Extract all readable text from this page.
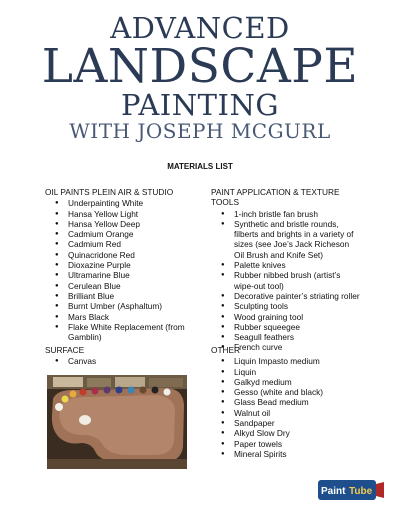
ADVANCED
LANDSCAPE
PAINTING
WITH JOSEPH MCGURL
MATERIALS LIST
OIL PAINTS PLEIN AIR & STUDIO
● Underpainting White
● Hansa Yellow Light
● Hansa Yellow Deep
● Cadmium Orange
● Cadmium Red
● Quinacridone Red
● Dioxazine Purple
● Ultramarine Blue
● Cerulean Blue
● Brilliant Blue
● Burnt Umber (Asphaltum)
● Mars Black
● Flake White Replacement (from Gamblin)
PAINT APPLICATION & TEXTURE TOOLS
● 1-inch bristle fan brush
● Synthetic and bristle rounds, filberts and brights in a variety of sizes (see Joe’s Jack Richeson Oil Brush and Knife Set)
● Palette knives
● Rubber nibbed brush (artist’s wipe-out tool)
● Decorative painter’s striating roller
● Sculpting tools
● Wood graining tool
● Rubber squeegee
● Seagull feathers
● French curve
SURFACE
● Canvas
OTHER
● Liquin Impasto medium
● Liquin
● Galkyd medium
● Gesso (white and black)
● Glass Bead medium
● Walnut oil
● Sandpaper
● Alkyd Slow Dry
● Paper towels
● Mineral Spirits
Paint Tube
